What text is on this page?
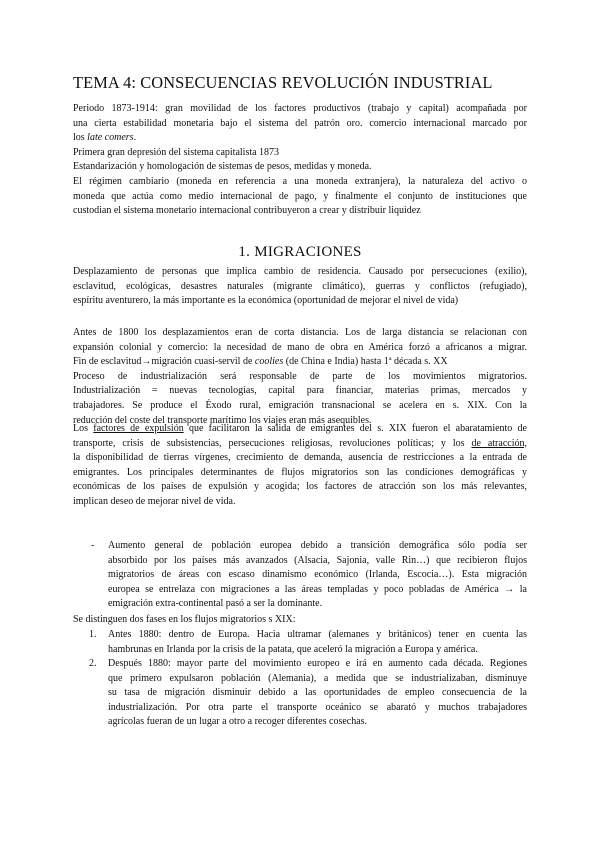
TEMA 4: CONSECUENCIAS REVOLUCIÓN INDUSTRIAL
Periodo 1873-1914: gran movilidad de los factores productivos (trabajo y capital) acompañada por
una cierta estabilidad monetaria bajo el sistema del patrón oro. comercio internacional marcado por
los late comers.
Primera gran depresión del sistema capitalista 1873
Estandarización y homologación de sistemas de pesos, medidas y moneda.
El régimen cambiario (moneda en referencia a una moneda extranjera), la naturaleza del activo o
moneda que actúa como medio internacional de pago, y finalmente el conjunto de instituciones que
custodian el sistema monetario internacional contribuyeron a crear y distribuir liquidez
1. MIGRACIONES
Desplazamiento de personas que implica cambio de residencia. Causado por persecuciones (exilio),
esclavitud, ecológicas, desastres naturales (migrante climático), guerras y conflictos (refugiado),
espíritu aventurero, la más importante es la económica (oportunidad de mejorar el nivel de vida)
Antes de 1800 los desplazamientos eran de corta distancia. Los de larga distancia se relacionan con
expansión colonial y comercio: la necesidad de mano de obra en América forzó a africanos a migrar.
Fin de esclavitud→migración cuasi-servil de coolies (de China e India) hasta 1ª década s. XX
Proceso de industrialización será responsable de parte de los movimientos migratorios.
Industrialización = nuevas tecnologías, capital para financiar, materias primas, mercados y
trabajadores. Se produce el Éxodo rural, emigración transnacional se acelera en s. XIX. Con la
reducción del coste del transporte marítimo los viajes eran más asequibles.
Los factores de expulsión que facilitaron la salida de emigrantes del s. XIX fueron el abaratamiento de
transporte, crisis de subsistencias, persecuciones religiosas, revoluciones políticas; y los de atracción,
la disponibilidad de tierras vírgenes, crecimiento de demanda, ausencia de restricciones a la entrada de
emigrantes. Los principales determinantes de flujos migratorios son las condiciones demográficas y
económicas de los países de expulsión y acogida; los factores de atracción son los más relevantes,
implican deseo de mejorar nivel de vida.
- Aumento general de población europea debido a transición demográfica sólo podía ser
absorbido por los países más avanzados (Alsacia, Sajonia, valle Rin…) que recibieron flujos
migratorios de áreas con escaso dinamismo económico (Irlanda, Escocia…). Esta migración
europea se entrelaza con migraciones a las áreas templadas y poco pobladas de América → la
emigración extra-continental pasó a ser la dominante.
Se distinguen dos fases en los flujos migratorios s XIX:
1. Antes 1880: dentro de Europa. Hacia ultramar (alemanes y británicos) tener en cuenta las
hambrunas en Irlanda por la crisis de la patata, que aceleró la migración a Europa y américa.
2. Después 1880: mayor parte del movimiento europeo e irá en aumento cada década. Regiones
que primero expulsaron población (Alemania), a medida que se industrializaban, disminuye
su tasa de migración disminuir debido a las oportunidades de empleo consecuencia de la
industrialización. Por otra parte el transporte oceánico se abarató y muchos trabajadores
agrícolas fueran de un lugar a otro a recoger diferentes cosechas.
